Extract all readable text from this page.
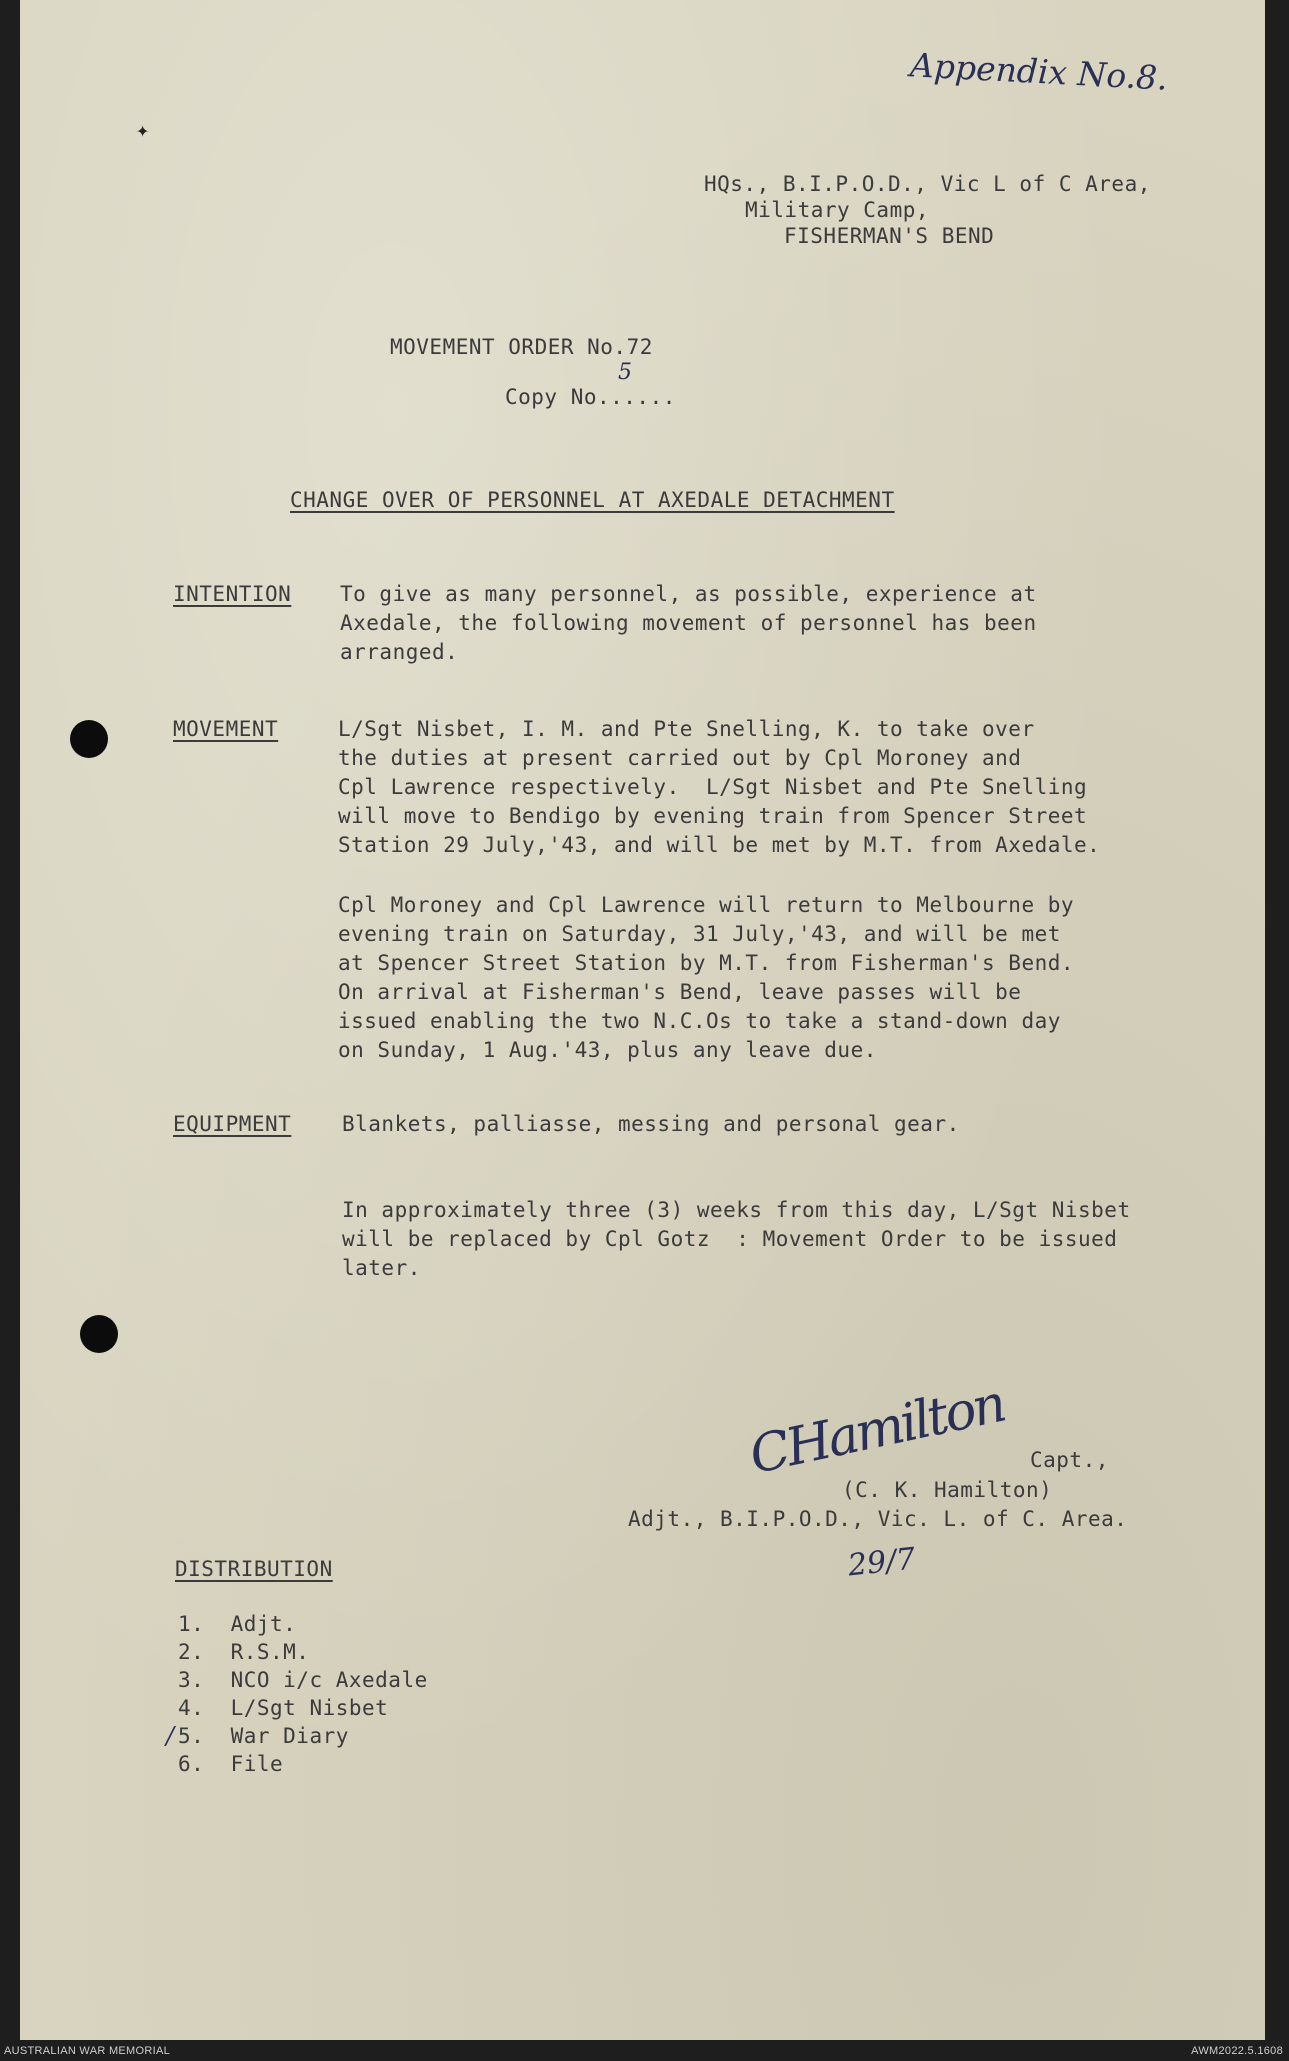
✦
Appendix No.8.
HQs., B.I.P.O.D., Vic L of C Area,
Military Camp,
FISHERMAN'S BEND
MOVEMENT ORDER No.72
Copy No......
5
CHANGE OVER OF PERSONNEL AT AXEDALE DETACHMENT
INTENTION To give as many personnel, as possible, experience at
Axedale, the following movement of personnel has been
arranged.
MOVEMENT	L/Sgt Nisbet, I. M. and Pte Snelling, K. to take over
the duties at present carried out by Cpl Moroney and
Cpl Lawrence respectively.  L/Sgt Nisbet and Pte Snelling
will move to Bendigo by evening train from Spencer Street
Station 29 July,'43, and will be met by M.T. from Axedale.
Cpl Moroney and Cpl Lawrence will return to Melbourne by
evening train on Saturday, 31 July,'43, and will be met
at Spencer Street Station by M.T. from Fisherman's Bend.
On arrival at Fisherman's Bend, leave passes will be
issued enabling the two N.C.Os to take a stand-down day
on Sunday, 1 Aug.'43, plus any leave due.
EQUIPMENT Blankets, palliasse, messing and personal gear.
In approximately three (3) weeks from this day, L/Sgt Nisbet
will be replaced by Cpl Gotz  : Movement Order to be issued
later.
CHamilton Capt.,
(C. K. Hamilton)
Adjt., B.I.P.O.D., Vic. L. of C. Area.
29/7
DISTRIBUTION
1. Adjt.
2. R.S.M.
3. NCO i/c Axedale
4. L/Sgt Nisbet
5. War Diary
/
6. File
AUSTRALIAN WAR MEMORIAL	AWM2022.5.1608
